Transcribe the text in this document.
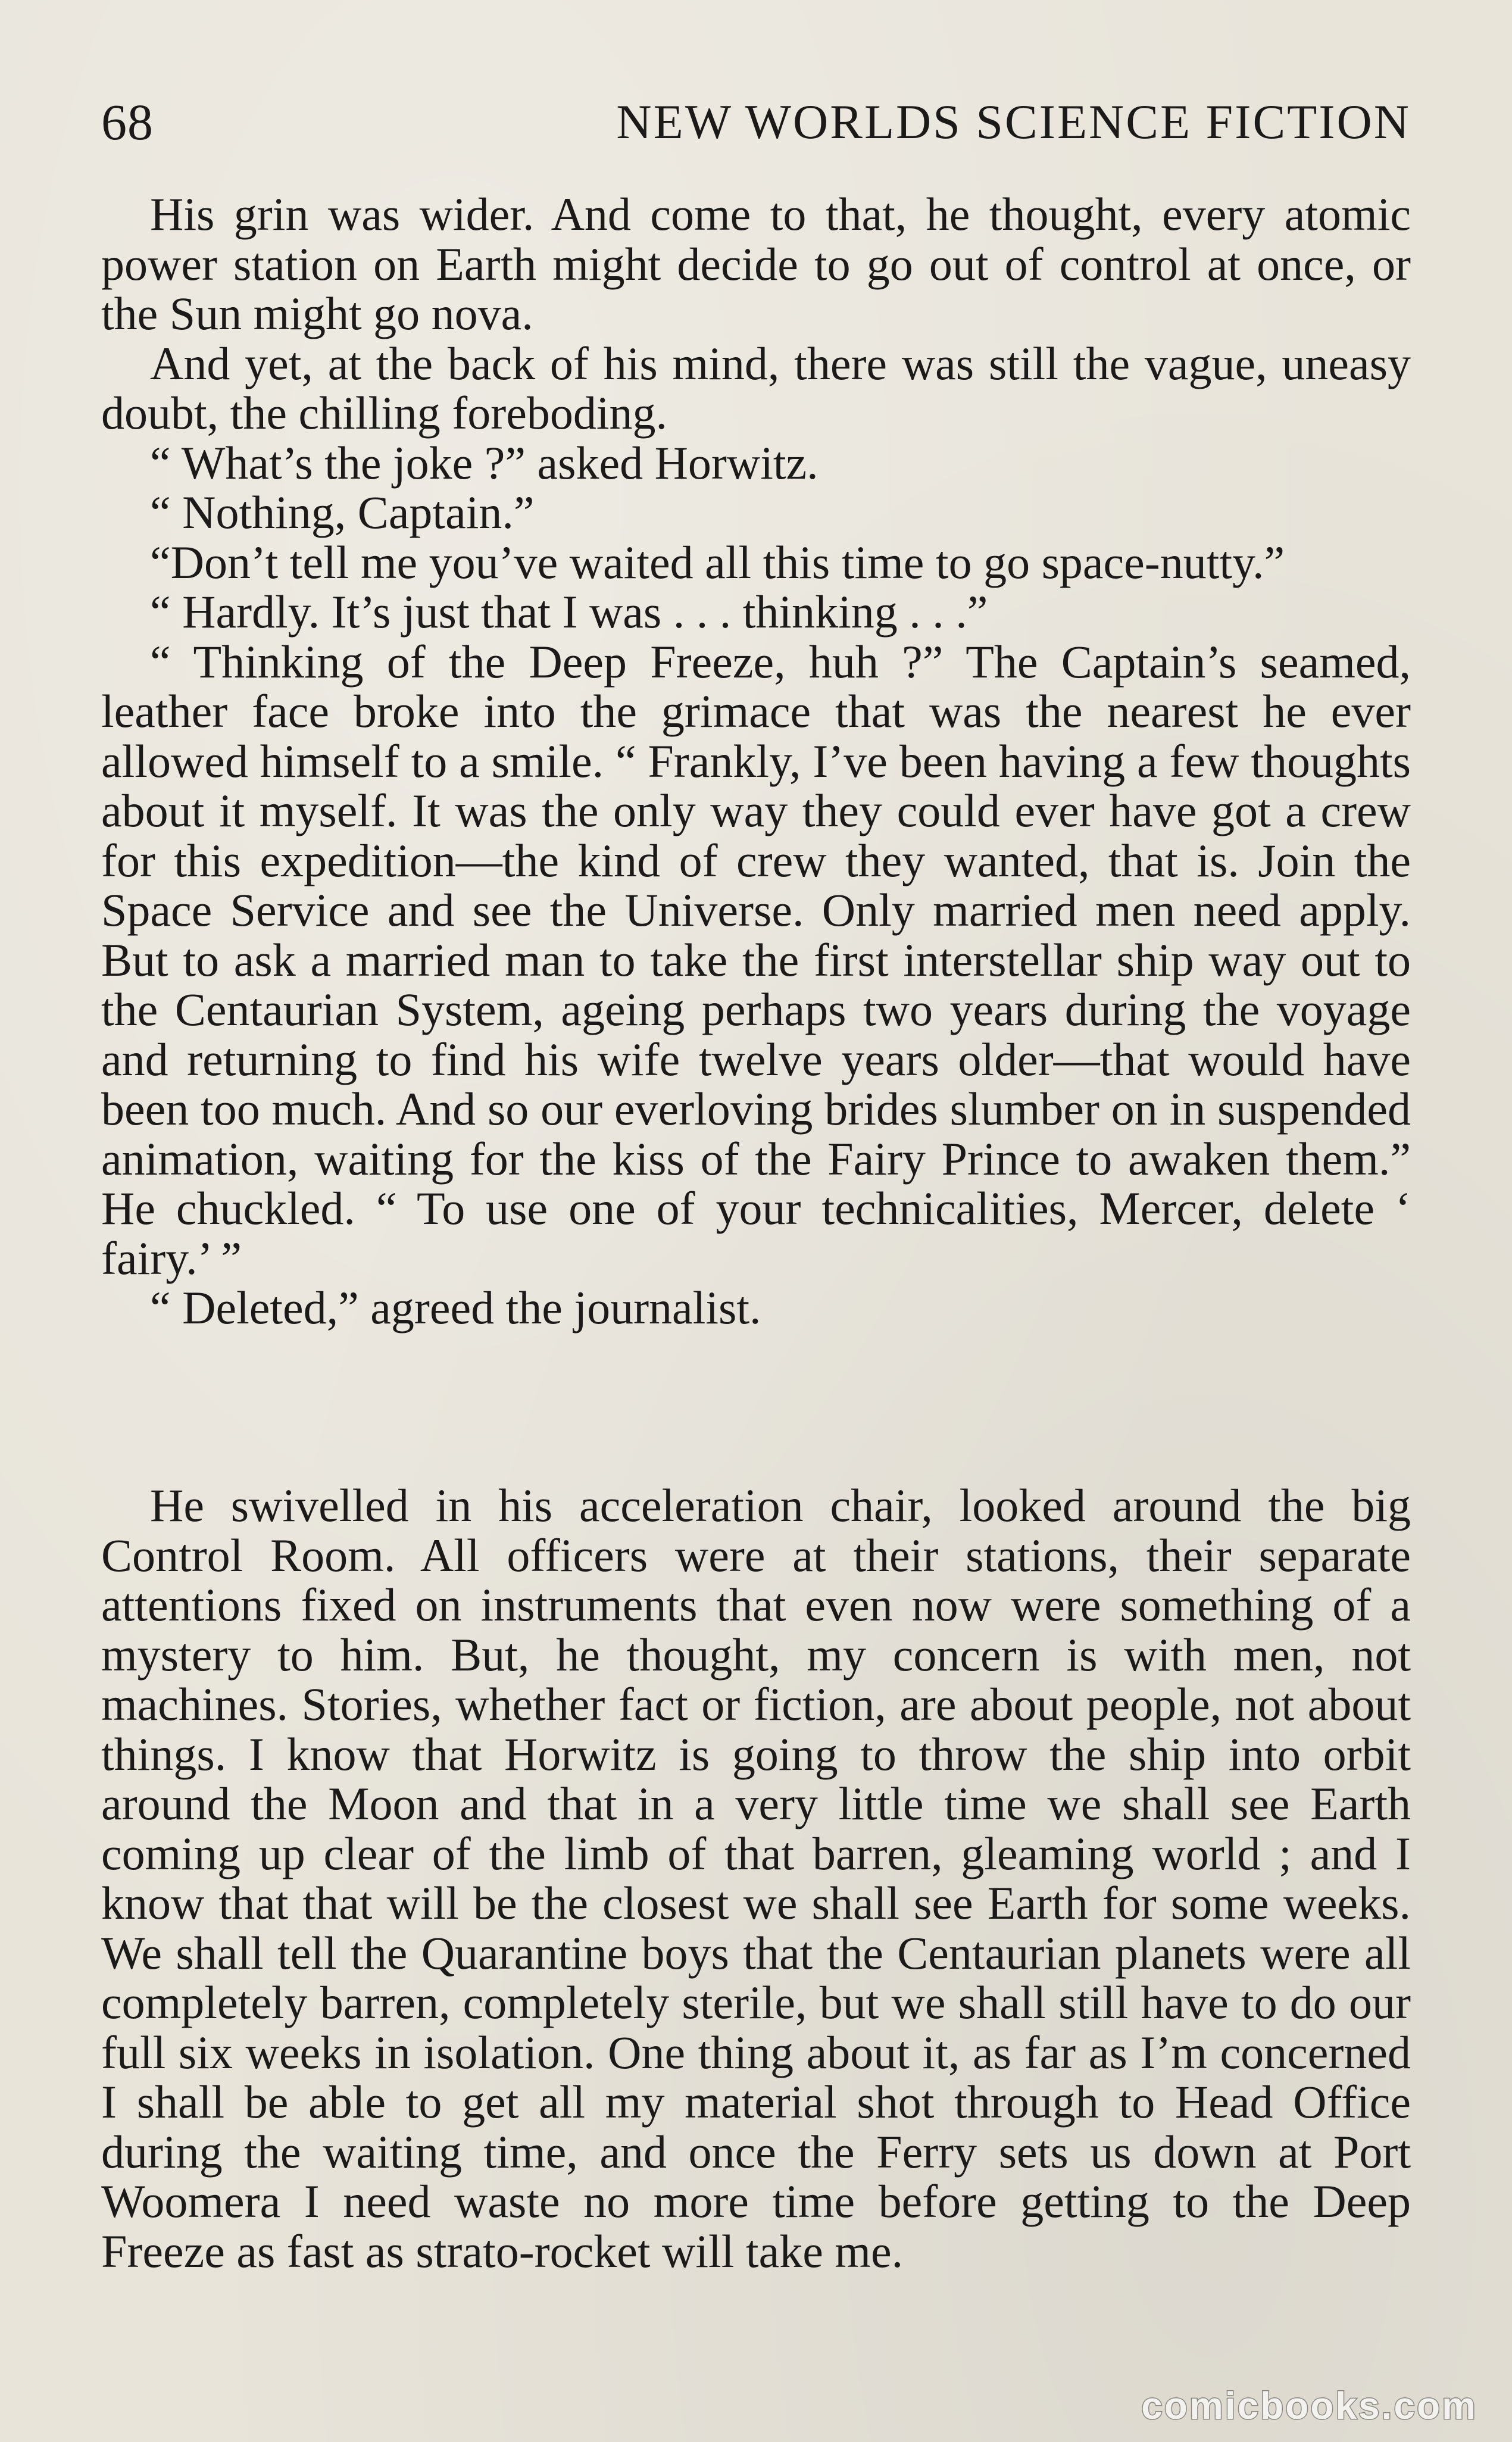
68	NEW WORLDS SCIENCE FICTION

His grin was wider. And come to that, he thought, every atomic power station on Earth might decide to go out of control at once, or the Sun might go nova.

And yet, at the back of his mind, there was still the vague, uneasy doubt, the chilling foreboding.

“ What’s the joke ?” asked Horwitz.

“ Nothing, Captain.”

“Don’t tell me you’ve waited all this time to go space-nutty.”

“ Hardly. It’s just that I was . . . thinking . . .”

“ Thinking of the Deep Freeze, huh ?” The Captain’s seamed, leather face broke into the grimace that was the nearest he ever allowed himself to a smile. “ Frankly, I’ve been having a few thoughts about it myself. It was the only way they could ever have got a crew for this expedition—the kind of crew they wanted, that is. Join the Space Service and see the Universe. Only married men need apply. But to ask a married man to take the first interstellar ship way out to the Centaurian System, ageing perhaps two years during the voyage and returning to find his wife twelve years older—that would have been too much. And so our everloving brides slumber on in suspended animation, waiting for the kiss of the Fairy Prince to awaken them.” He chuckled. “ To use one of your technicalities, Mercer, delete ‘ fairy.’ ”

“ Deleted,” agreed the journalist.

He swivelled in his acceleration chair, looked around the big Control Room. All officers were at their stations, their separate attentions fixed on instruments that even now were something of a mystery to him. But, he thought, my concern is with men, not machines. Stories, whether fact or fiction, are about people, not about things. I know that Horwitz is going to throw the ship into orbit around the Moon and that in a very little time we shall see Earth coming up clear of the limb of that barren, gleaming world ; and I know that that will be the closest we shall see Earth for some weeks. We shall tell the Quarantine boys that the Centaurian planets were all completely barren, completely sterile, but we shall still have to do our full six weeks in isolation. One thing about it, as far as I’m concerned I shall be able to get all my material shot through to Head Office during the waiting time, and once the Ferry sets us down at Port Woomera I need waste no more time before getting to the Deep Freeze as fast as strato-rocket will take me.

comicbooks.com
